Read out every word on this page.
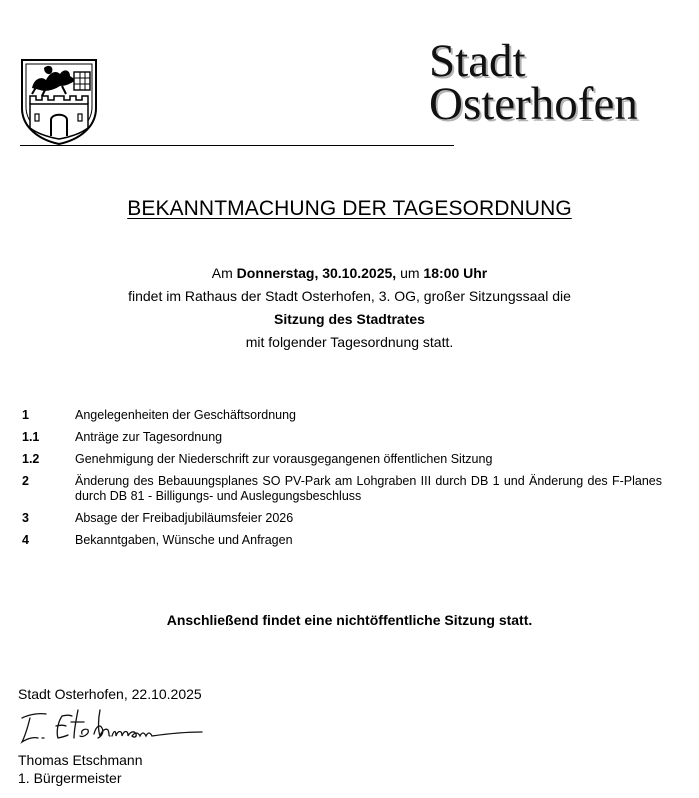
Stadt
Osterhofen
BEKANNTMACHUNG DER TAGESORDNUNG
Am Donnerstag, 30.10.2025, um 18:00 Uhr
findet im Rathaus der Stadt Osterhofen, 3. OG, großer Sitzungssaal die
Sitzung des Stadtrates
mit folgender Tagesordnung statt.
1	Angelegenheiten der Geschäftsordnung
1.1	Anträge zur Tagesordnung
1.2	Genehmigung der Niederschrift zur vorausgegangenen öffentlichen Sitzung
2	Änderung des Bebauungsplanes SO PV-Park am Lohgraben III durch DB 1 und Änderung des F-Planes durch DB 81 - Billigungs- und Auslegungsbeschluss
3	Absage der Freibadjubiläumsfeier 2026
4	Bekanntgaben, Wünsche und Anfragen
Anschließend findet eine nichtöffentliche Sitzung statt.
Stadt Osterhofen, 22.10.2025
Thomas Etschmann
1. Bürgermeister
